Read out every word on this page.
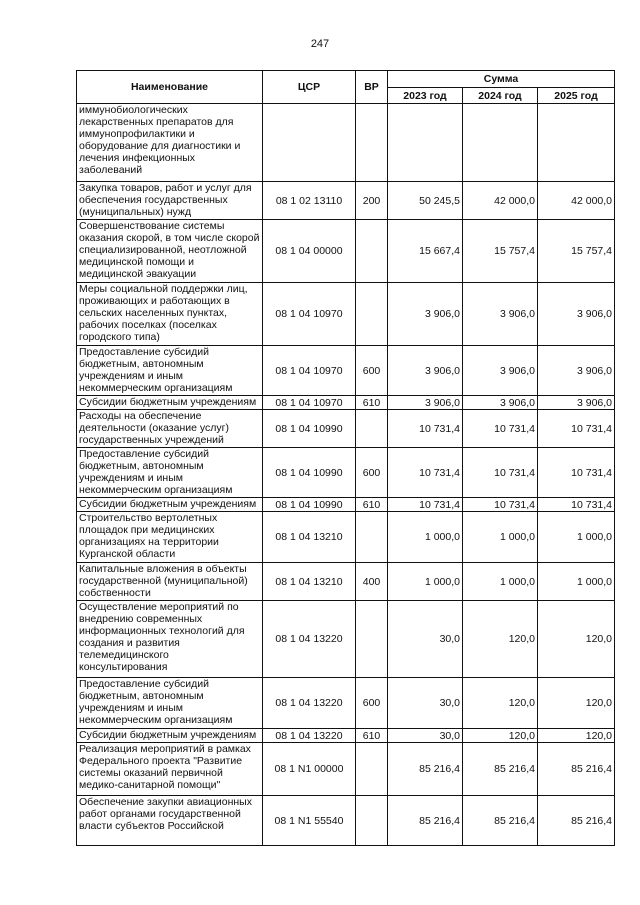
247
Наименование	ЦСР	ВР	Сумма		
			2023 год	2024 год	2025 год
иммунобиологических лекарственных препаратов для иммунопрофилактики и оборудование для диагностики и лечения инфекционных заболеваний					
Закупка товаров, работ и услуг для обеспечения государственных (муниципальных) нужд	08 1 02 13110	200	50 245,5	42 000,0	42 000,0
Совершенствование системы оказания скорой, в том числе скорой специализированной, неотложной медицинской помощи и медицинской эвакуации	08 1 04 00000		15 667,4	15 757,4	15 757,4
Меры социальной поддержки лиц, проживающих и работающих в сельских населенных пунктах, рабочих поселках (поселках городского типа)	08 1 04 10970		3 906,0	3 906,0	3 906,0
Предоставление субсидий бюджетным, автономным учреждениям и иным некоммерческим организациям	08 1 04 10970	600	3 906,0	3 906,0	3 906,0
Субсидии бюджетным учреждениям	08 1 04 10970	610	3 906,0	3 906,0	3 906,0
Расходы на обеспечение деятельности (оказание услуг) государственных учреждений	08 1 04 10990		10 731,4	10 731,4	10 731,4
Предоставление субсидий бюджетным, автономным учреждениям и иным некоммерческим организациям	08 1 04 10990	600	10 731,4	10 731,4	10 731,4
Субсидии бюджетным учреждениям	08 1 04 10990	610	10 731,4	10 731,4	10 731,4
Строительство вертолетных площадок при медицинских организациях на территории Курганской области	08 1 04 13210		1 000,0	1 000,0	1 000,0
Капитальные вложения в объекты государственной (муниципальной) собственности	08 1 04 13210	400	1 000,0	1 000,0	1 000,0
Осуществление мероприятий по внедрению современных информационных технологий для создания и развития телемедицинского консультирования	08 1 04 13220		30,0	120,0	120,0
Предоставление субсидий бюджетным, автономным учреждениям и иным некоммерческим организациям	08 1 04 13220	600	30,0	120,0	120,0
Субсидии бюджетным учреждениям	08 1 04 13220	610	30,0	120,0	120,0
Реализация мероприятий в рамках Федерального проекта "Развитие системы оказаний первичной медико-санитарной помощи"	08 1 N1 00000		85 216,4	85 216,4	85 216,4
Обеспечение закупки авиационных работ органами государственной власти субъектов Российской	08 1 N1 55540		85 216,4	85 216,4	85 216,4
